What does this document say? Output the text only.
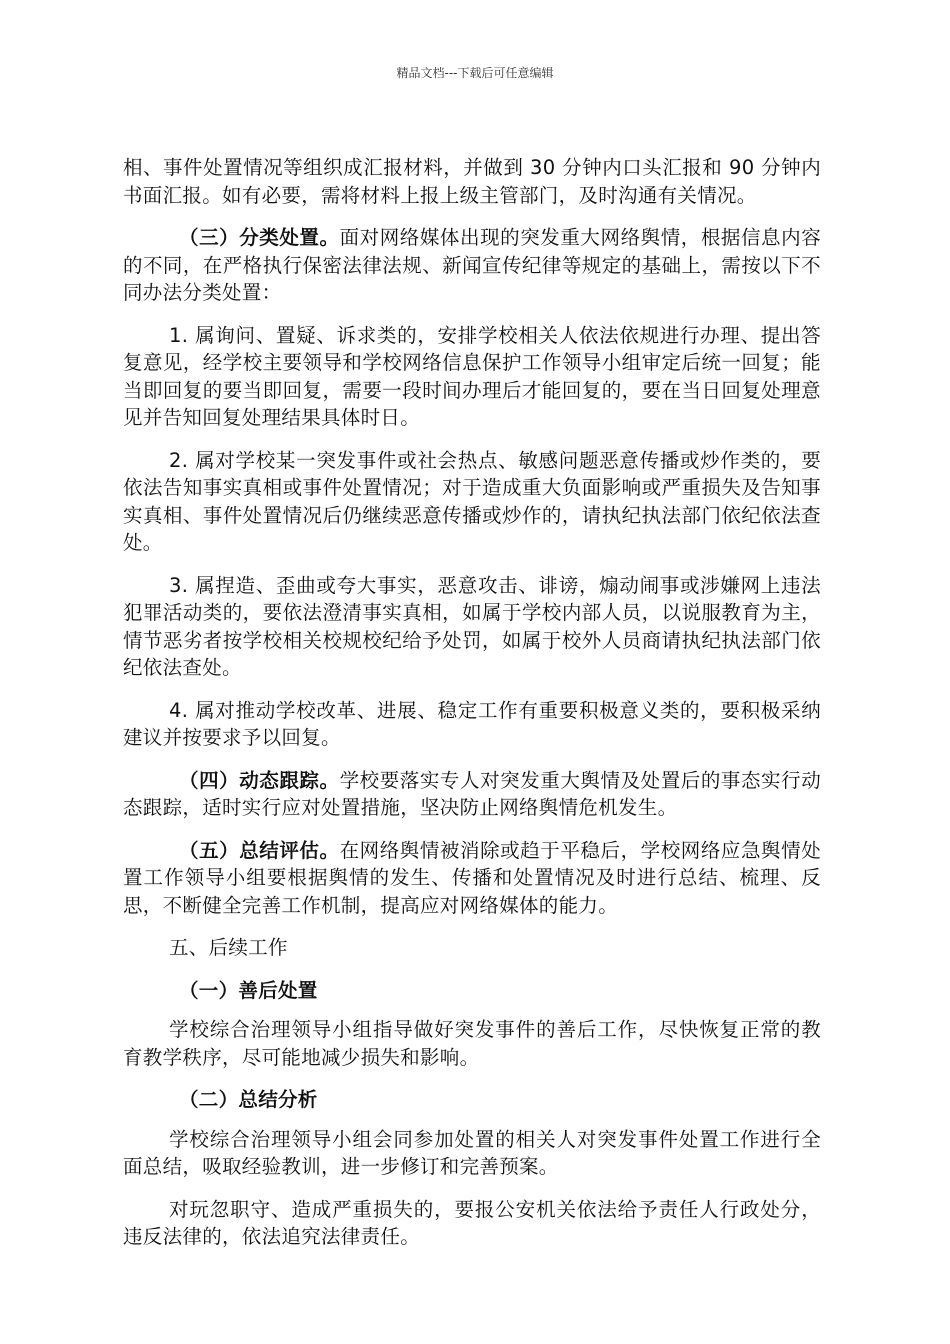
精品文档---下载后可任意编辑

相、事件处置情况等组织成汇报材料，并做到 30 分钟内口头汇报和 90 分钟内书面汇报。如有必要，需将材料上报上级主管部门，及时沟通有关情况。

（三）分类处置。面对网络媒体出现的突发重大网络舆情，根据信息内容的不同，在严格执行保密法律法规、新闻宣传纪律等规定的基础上，需按以下不同办法分类处置：

1. 属询问、置疑、诉求类的，安排学校相关人依法依规进行办理、提出答复意见，经学校主要领导和学校网络信息保护工作领导小组审定后统一回复；能当即回复的要当即回复，需要一段时间办理后才能回复的，要在当日回复处理意见并告知回复处理结果具体时日。

2. 属对学校某一突发事件或社会热点、敏感问题恶意传播或炒作类的，要依法告知事实真相或事件处置情况；对于造成重大负面影响或严重损失及告知事实真相、事件处置情况后仍继续恶意传播或炒作的，请执纪执法部门依纪依法查处。

3. 属捏造、歪曲或夸大事实，恶意攻击、诽谤，煽动闹事或涉嫌网上违法犯罪活动类的，要依法澄清事实真相，如属于学校内部人员，以说服教育为主，情节恶劣者按学校相关校规校纪给予处罚，如属于校外人员商请执纪执法部门依纪依法查处。

4. 属对推动学校改革、进展、稳定工作有重要积极意义类的，要积极采纳建议并按要求予以回复。

（四）动态跟踪。学校要落实专人对突发重大舆情及处置后的事态实行动态跟踪，适时实行应对处置措施，坚决防止网络舆情危机发生。

（五）总结评估。在网络舆情被消除或趋于平稳后，学校网络应急舆情处置工作领导小组要根据舆情的发生、传播和处置情况及时进行总结、梳理、反思，不断健全完善工作机制，提高应对网络媒体的能力。

五、后续工作

（一）善后处置

学校综合治理领导小组指导做好突发事件的善后工作，尽快恢复正常的教育教学秩序，尽可能地减少损失和影响。

（二）总结分析

学校综合治理领导小组会同参加处置的相关人对突发事件处置工作进行全面总结，吸取经验教训，进一步修订和完善预案。

对玩忽职守、造成严重损失的，要报公安机关依法给予责任人行政处分，违反法律的，依法追究法律责任。
